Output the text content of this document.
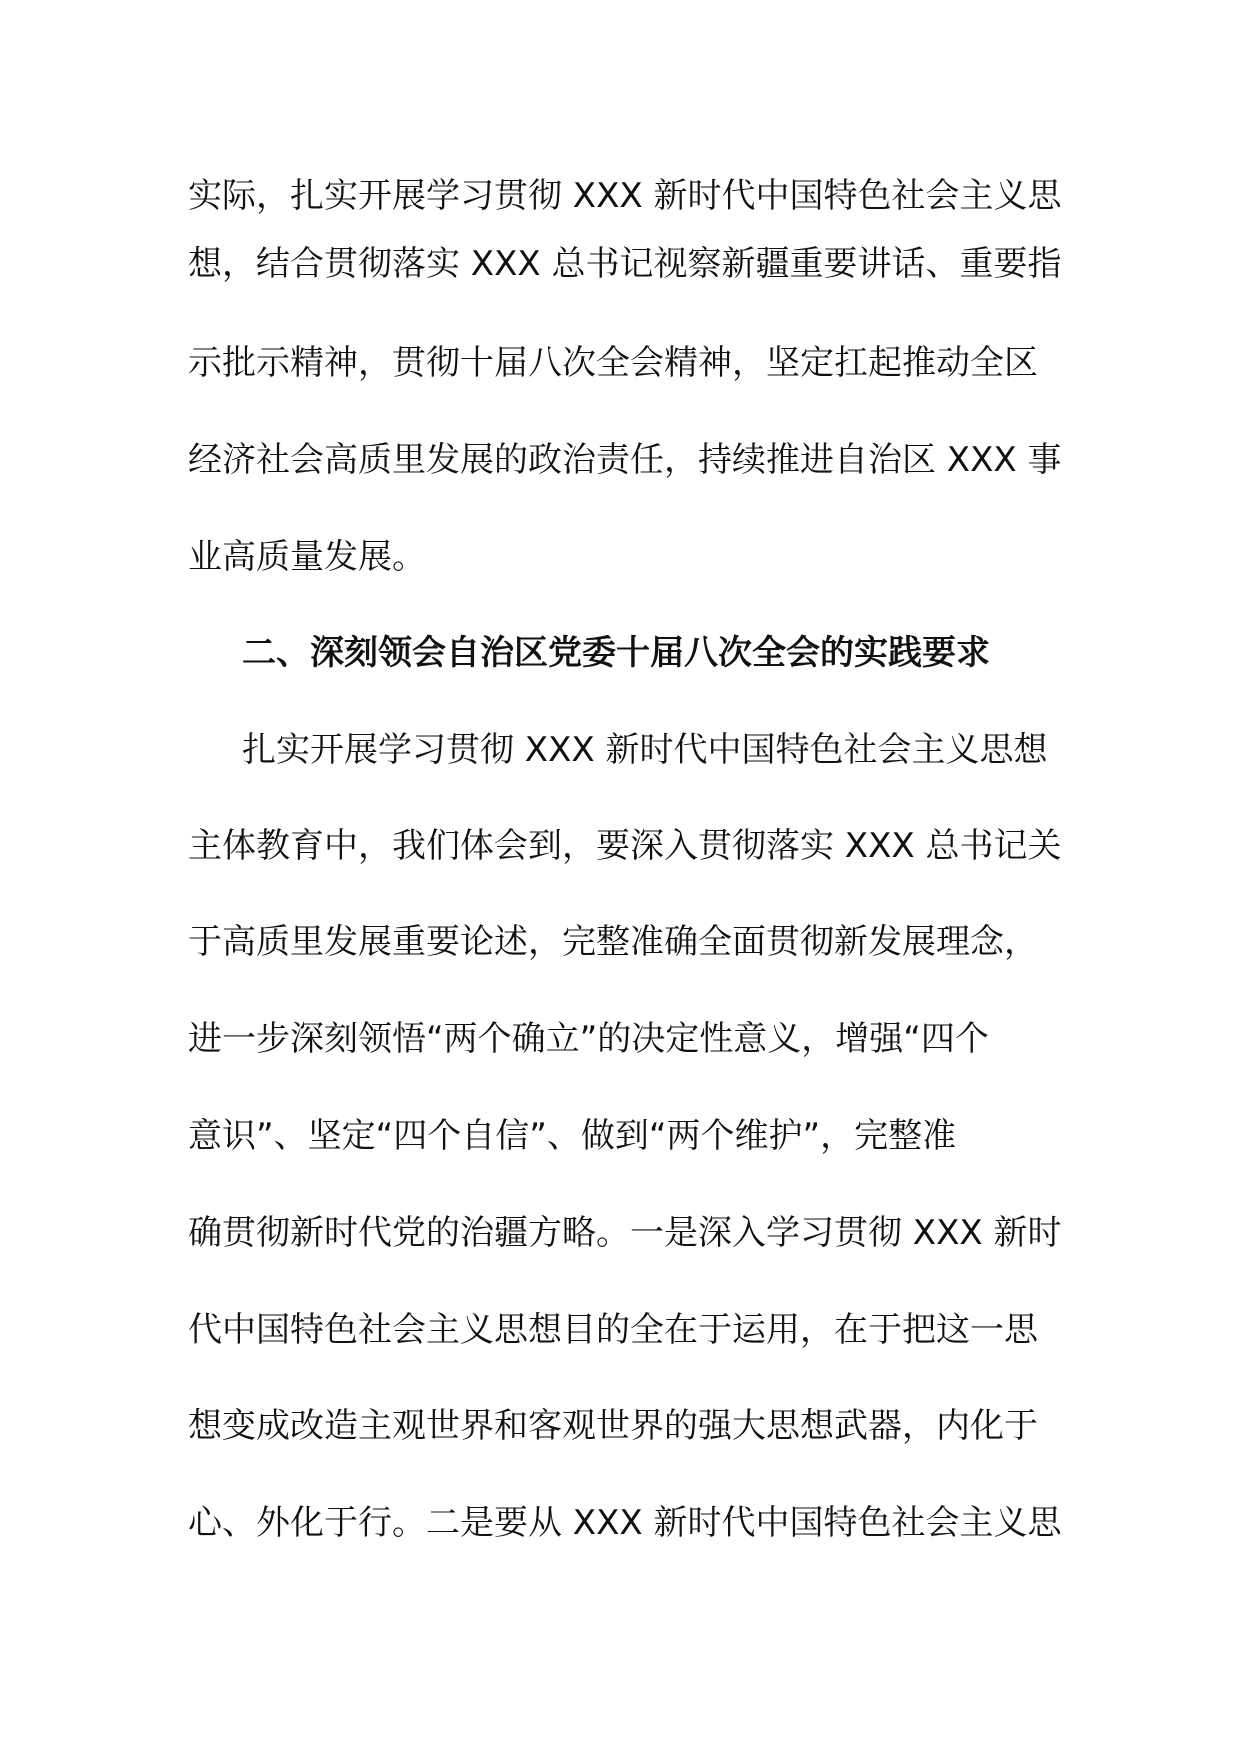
实际，扎实开展学习贯彻 XXX 新时代中国特色社会主义思
想，结合贯彻落实 XXX 总书记视察新疆重要讲话、重要指
示批示精神，贯彻十届八次全会精神，坚定扛起推动全区
经济社会高质里发展的政治责任，持续推进自治区 XXX 事
业高质量发展。
二、深刻领会自治区党委十届八次全会的实践要求
扎实开展学习贯彻 XXX 新时代中国特色社会主义思想
主体教育中，我们体会到，要深入贯彻落实 XXX 总书记关
于高质里发展重要论述，完整准确全面贯彻新发展理念，
进一步深刻领悟“两个确立”的决定性意义，增强“四个
意识”、坚定“四个自信”、做到“两个维护”，完整准
确贯彻新时代党的治疆方略。一是深入学习贯彻 XXX 新时
代中国特色社会主义思想目的全在于运用，在于把这一思
想变成改造主观世界和客观世界的强大思想武器，内化于
心、外化于行。二是要从 XXX 新时代中国特色社会主义思
